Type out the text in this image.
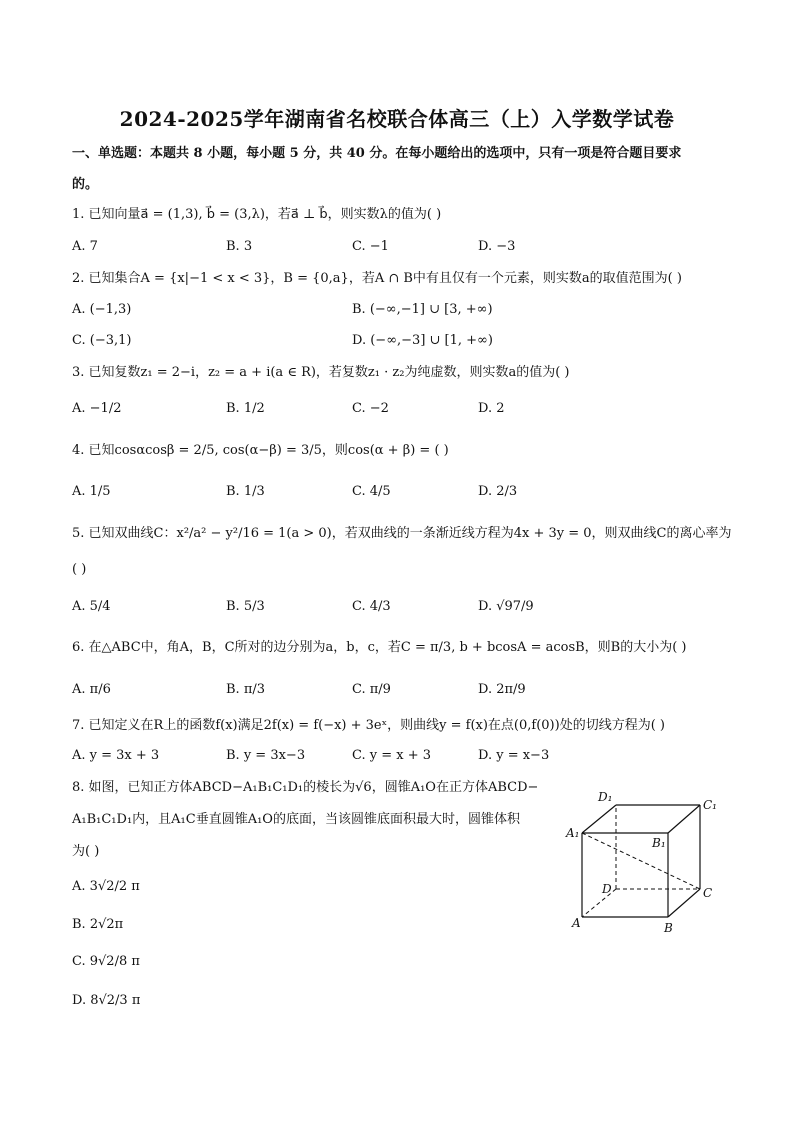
2024-2025学年湖南省名校联合体高三（上）入学数学试卷
一、单选题：本题共 8 小题，每小题 5 分，共 40 分。在每小题给出的选项中，只有一项是符合题目要求
的。
1. 已知向量a⃗ = (1,3), b⃗ = (3,λ)，若a⃗ ⊥ b⃗，则实数λ的值为( )
A. 7	B. 3	C. −1	D. −3
2. 已知集合A = {x|−1 < x < 3}，B = {0,a}，若A ∩ B中有且仅有一个元素，则实数a的取值范围为( )
A. (−1,3)	B. (−∞,−1] ∪ [3, +∞)
C. (−3,1)	D. (−∞,−3] ∪ [1, +∞)
3. 已知复数z₁ = 2−i，z₂ = a + i(a ∈ R)，若复数z₁ · z₂为纯虚数，则实数a的值为( )
A. −1/2	B. 1/2	C. −2	D. 2
4. 已知cosαcosβ = 2/5, cos(α−β) = 3/5，则cos(α + β) = ( )
A. 1/5	B. 1/3	C. 4/5	D. 2/3
5. 已知双曲线C：x²/a² − y²/16 = 1(a > 0)，若双曲线的一条渐近线方程为4x + 3y = 0，则双曲线C的离心率为
( )
A. 5/4	B. 5/3	C. 4/3	D. √97/9
6. 在△ABC中，角A，B，C所对的边分别为a，b，c，若C = π/3, b + bcosA = acosB，则B的大小为( )
A. π/6	B. π/3	C. π/9	D. 2π/9
7. 已知定义在R上的函数f(x)满足2f(x) = f(−x) + 3eˣ，则曲线y = f(x)在点(0,f(0))处的切线方程为( )
A. y = 3x + 3	B. y = 3x−3	C. y = x + 3	D. y = x−3
8. 如图，已知正方体ABCD−A₁B₁C₁D₁的棱长为√6，圆锥A₁O在正方体ABCD−
A₁B₁C₁D₁内，且A₁C垂直圆锥A₁O的底面，当该圆锥底面积最大时，圆锥体积
为( )
A. 3√2/2 π
B. 2√2π
C. 9√2/8 π
D. 8√2/3 π
D₁
C₁
A₁
B₁
D	C
A	B
